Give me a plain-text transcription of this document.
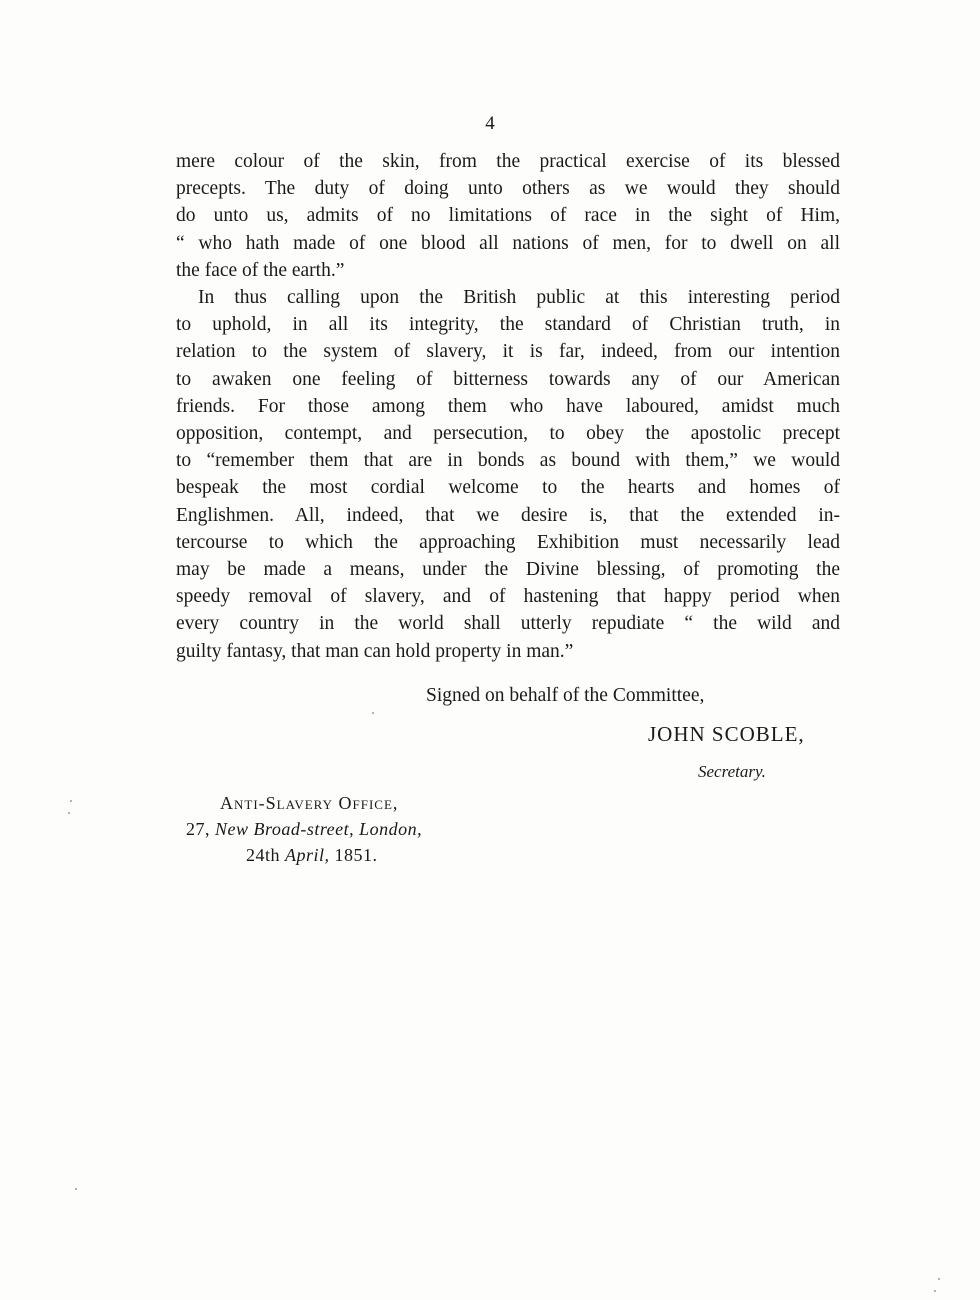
4

mere colour of the skin, from the practical exercise of its blessed
precepts. The duty of doing unto others as we would they should
do unto us, admits of no limitations of race in the sight of Him,
“ who hath made of one blood all nations of men, for to dwell on all
the face of the earth.”

In thus calling upon the British public at this interesting period
to uphold, in all its integrity, the standard of Christian truth, in
relation to the system of slavery, it is far, indeed, from our intention
to awaken one feeling of bitterness towards any of our American
friends. For those among them who have laboured, amidst much
opposition, contempt, and persecution, to obey the apostolic precept
to “remember them that are in bonds as bound with them,” we would
bespeak the most cordial welcome to the hearts and homes of
Englishmen. All, indeed, that we desire is, that the extended in-
tercourse to which the approaching Exhibition must necessarily lead
may be made a means, under the Divine blessing, of promoting the
speedy removal of slavery, and of hastening that happy period when
every country in the world shall utterly repudiate “ the wild and
guilty fantasy, that man can hold property in man.”

Signed on behalf of the Committee,
JOHN SCOBLE,
Secretary.
Anti-Slavery Office,
27, New Broad-street, London,
24th April, 1851.
